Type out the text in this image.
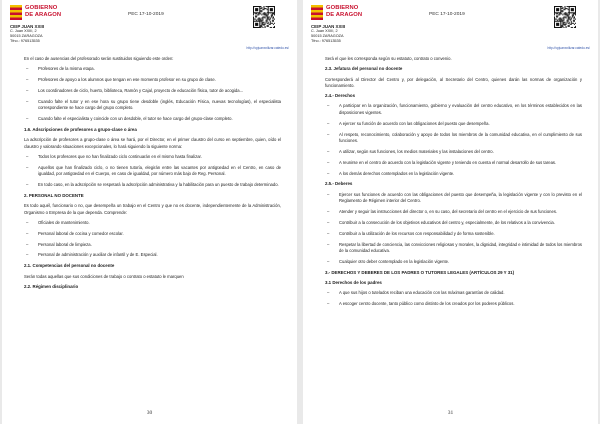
GOBIERNO
DE ARAGON
CEIP JUAN XXIII
C. Juan XXIII, 2
50015 ZARAGOZA
Tfno.: 976513535
PEC 17-10-2019
http://cpjuanxxiiizar.catedu.es/
En el caso de ausencias del profesorado serán sustituidos siguiendo este orden:
– Profesores de la misma etapa.
– Profesores de apoyo a los alumnos que tengan en ese momento profesor en su grupo de clase.
– Los coordinadores de ciclo, huerto, biblioteca, Ramón y Cajal, proyecto de educación física, tutor de acogida...
– Cuando falte el tutor y en ese hora su grupo tiene desdoble (inglés, Educación Física, nuevas tecnologías), el especialista correspondiente se hace cargo del grupo completo.
– Cuando falte el especialista y coincide con un desdoble, el tutor se hace cargo del grupo-clase completo.
1.6. Adscripciones de profesores a grupo-clase o área
La adscripción de profesores a grupo-clase o área se hará, por el Director, en el primer claustro del curso en septiembre, quien, oído el claustro y valorando situaciones excepcionales, lo hará siguiendo la siguiente norma:
– Todos los profesores que no han finalizado ciclo continuarán en el mismo hasta finalizar.
– Aquellos que han finalizado ciclo, o no tienen tutoría, elegirán entre las vacantes por antigüedad en el Centro, en caso de igualdad, por antigüedad en el Cuerpo, en caso de igualdad, por número más bajo de Reg. Personal.
– En todo caso, en la adscripción se respetará la adscripción administrativa y la habilitación para un puesto de trabajo determinado.
2. PERSONAL NO DOCENTE
Es todo aquél, funcionario o no, que desempeña un trabajo en el Centro y que no es docente, independientemente de la Administración, Organismo o Empresa de la que dependa. Comprende:
– Oficiales de mantenimiento.
– Personal laboral de cocina y comedor escolar.
– Personal laboral de limpieza.
– Personal de administración y auxiliar de infantil y de E. Especial.
2.1. Competencias del personal no docente
Serán todas aquellas que sus condiciones de trabajo o contrato o estatuto le marquen
2.2. Régimen disciplinario
30
GOBIERNO
DE ARAGON
CEIP JUAN XXIII
C. Juan XXIII, 2
50015 ZARAGOZA
Tfno.: 976513535
PEC 17-10-2019
http://cpjuanxxiiizar.catedu.es/
Será el que les corresponda según su estatuto, contrato o convenio.
2.3. Jefatura del personal no docente
Corresponderá al Director del Centro y, por delegación, al Secretario del Centro, quienes darán las normas de organización y funcionamiento.
2.4.- Derechos
– A participar en la organización, funcionamiento, gobierno y evaluación del centro educativo, en los términos establecidos en las disposiciones vigentes.
– A ejercer su función de acuerdo con las obligaciones del puesto que desempeña.
– Al respeto, reconocimiento, colaboración y apoyo de todos los miembros de la comunidad educativa, en el cumplimiento de sus funciones.
– A utilizar, según sus funciones, los medios materiales y las instalaciones del centro.
– A reunirse en el centro de acuerdo con la legislación vigente y teniendo en cuenta el normal desarrollo de sus tareas.
– A los demás derechos contemplados en la legislación vigente.
2.5.- Deberes
– Ejercer sus funciones de acuerdo con las obligaciones del puesto que desempeña, la legislación vigente y con lo previsto en el Reglamento de Régimen interior del Centro.
– Atender y seguir las instrucciones del director o, en su caso, del secretario del centro en el ejercicio de sus funciones.
– Contribuir a la consecución de los objetivos educativos del centro y, especialmente, de los relativos a la convivencia.
– Contribuir a la utilización de los recursos con responsabilidad y de forma sostenible.
– Respetar la libertad de conciencia, las convicciones religiosas y morales, la dignidad, integridad e intimidad de todos los miembros de la comunidad educativa.
– Cualquier otro deber contemplado en la legislación vigente.
3.- DERECHOS Y DEBERES DE LOS PADRES O TUTORES LEGALES (ARTÍCULOS 29 Y 31)
3.1 Derechos de los padres
– A que sus hijos o tutelados reciban una educación con las máximas garantías de calidad.
– A escoger centro docente, tanto público como distinto de los creados por los poderes públicos.
31
